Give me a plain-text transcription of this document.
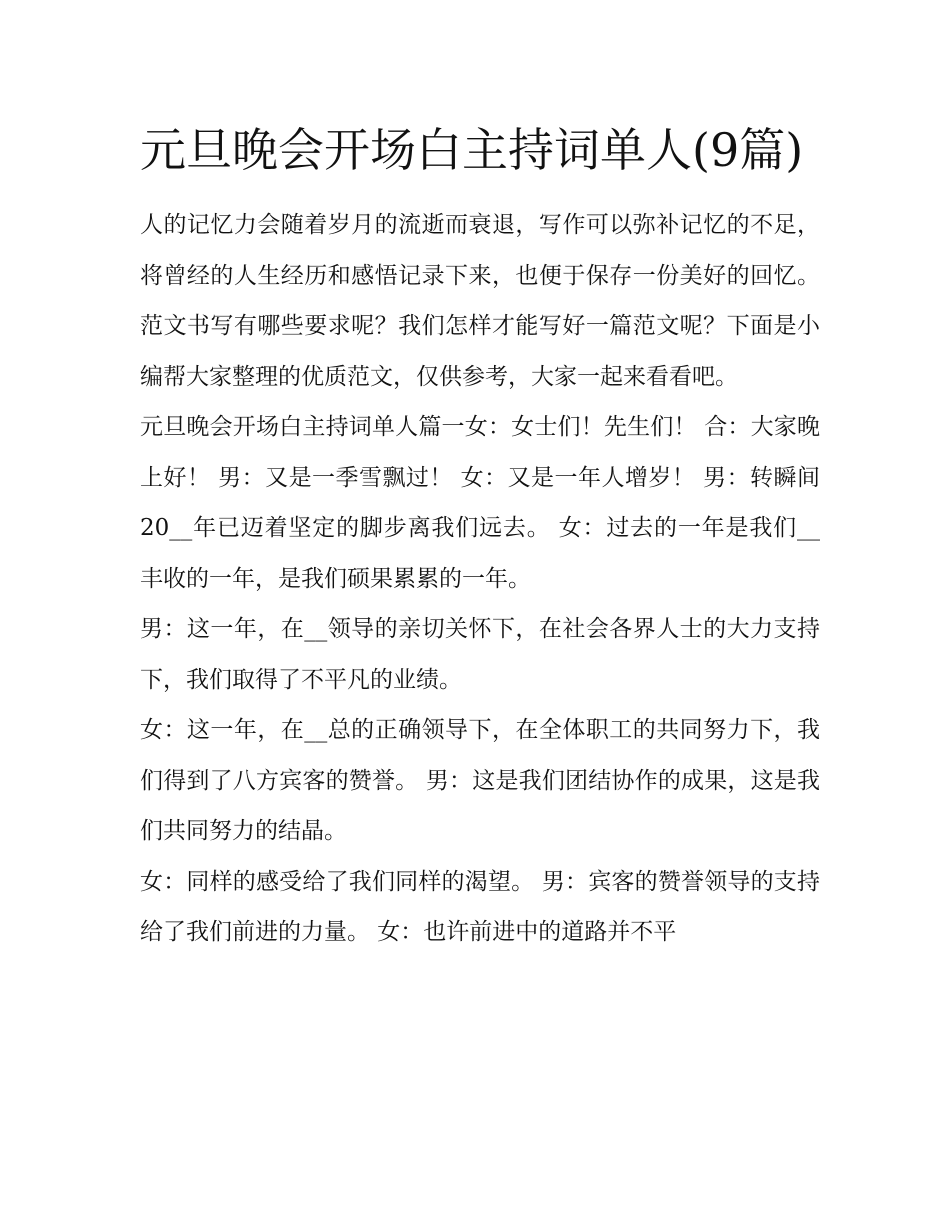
元旦晚会开场白主持词单人(9篇)

人的记忆力会随着岁月的流逝而衰退，写作可以弥补记忆的不足，将曾经的人生经历和感悟记录下来，也便于保存一份美好的回忆。范文书写有哪些要求呢？我们怎样才能写好一篇范文呢？下面是小编帮大家整理的优质范文，仅供参考，大家一起来看看吧。

元旦晚会开场白主持词单人篇一女：女士们！先生们！ 合：大家晚上好！ 男：又是一季雪飘过！ 女：又是一年人增岁！ 男：转瞬间20__年已迈着坚定的脚步离我们远去。 女：过去的一年是我们__丰收的一年，是我们硕果累累的一年。

男：这一年，在__领导的亲切关怀下，在社会各界人士的大力支持下，我们取得了不平凡的业绩。

女：这一年，在__总的正确领导下，在全体职工的共同努力下，我们得到了八方宾客的赞誉。 男：这是我们团结协作的成果，这是我们共同努力的结晶。

女：同样的感受给了我们同样的渴望。 男：宾客的赞誉领导的支持给了我们前进的力量。 女：也许前进中的道路并不平
